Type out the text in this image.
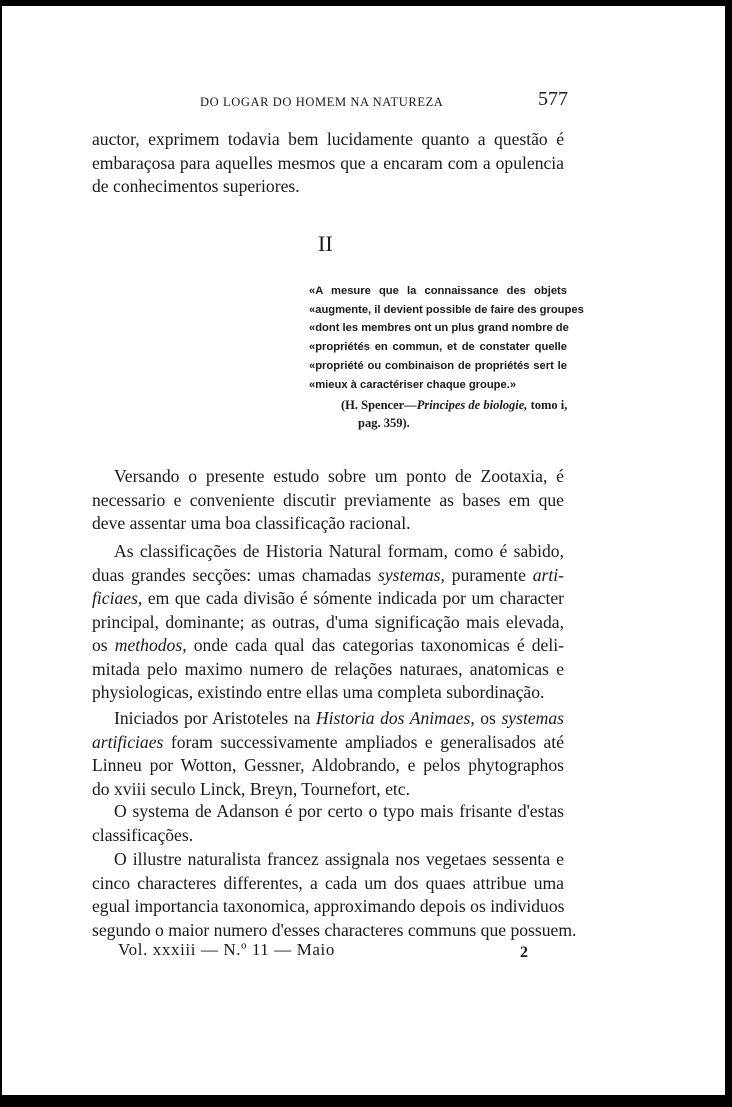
DO LOGAR DO HOMEM NA NATUREZA	577
auctor, exprimem todavia bem lucidamente quanto a questão é
embaraçosa para aquelles mesmos que a encaram com a opulencia
de conhecimentos superiores.
II
«A mesure que la connaissance des objets
«augmente, il devient possible de faire des groupes
«dont les membres ont un plus grand nombre de
«propriétés en commun, et de constater quelle
«propriété ou combinaison de propriétés sert le
«mieux à caractériser chaque groupe.»
(H. Spencer—Principes de biologie, tomo i,
pag. 359).
Versando o presente estudo sobre um ponto de Zootaxia, é
necessario e conveniente discutir previamente as bases em que
deve assentar uma boa classificação racional.
As classificações de Historia Natural formam, como é sabido,
duas grandes secções: umas chamadas systemas, puramente arti-
ficiaes, em que cada divisão é sómente indicada por um character
principal, dominante; as outras, d'uma significação mais elevada,
os methodos, onde cada qual das categorias taxonomicas é deli-
mitada pelo maximo numero de relações naturaes, anatomicas e
physiologicas, existindo entre ellas uma completa subordinação.
Iniciados por Aristoteles na Historia dos Animaes, os systemas
artificiaes foram successivamente ampliados e generalisados até
Linneu por Wotton, Gessner, Aldobrando, e pelos phytographos
do xviii seculo Linck, Breyn, Tournefort, etc.
O systema de Adanson é por certo o typo mais frisante d'estas
classificações.
O illustre naturalista francez assignala nos vegetaes sessenta e
cinco characteres differentes, a cada um dos quaes attribue uma
egual importancia taxonomica, approximando depois os individuos
segundo o maior numero d'esses characteres communs que possuem.
Vol. xxxiii — N.º 11 — Maio	2
